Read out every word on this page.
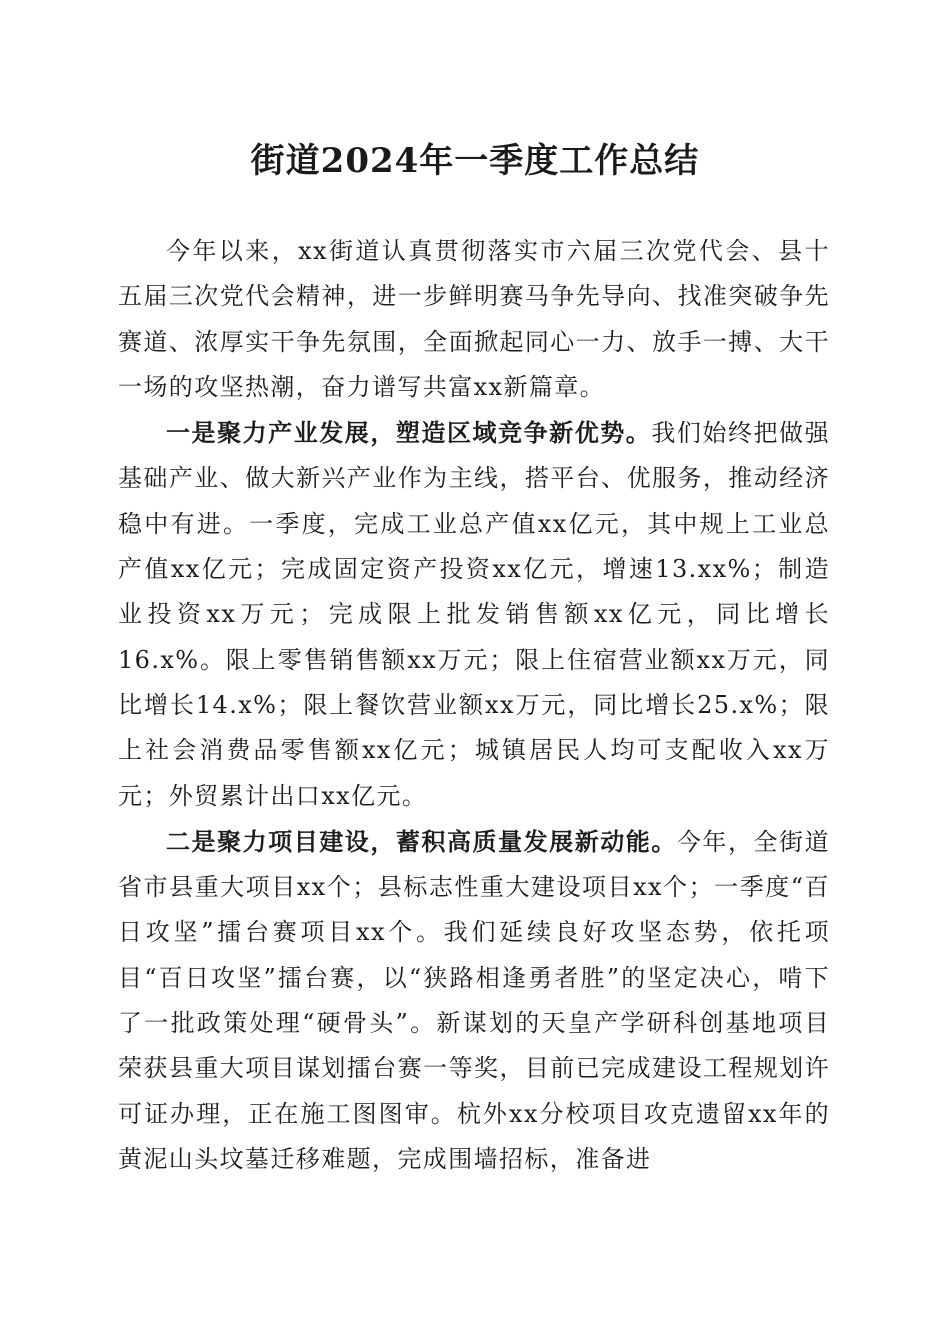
街道2024年一季度工作总结

今年以来，xx街道认真贯彻落实市六届三次党代会、县十五届三次党代会精神，进一步鲜明赛马争先导向、找准突破争先赛道、浓厚实干争先氛围，全面掀起同心一力、放手一搏、大干一场的攻坚热潮，奋力谱写共富xx新篇章。

一是聚力产业发展，塑造区域竞争新优势。我们始终把做强基础产业、做大新兴产业作为主线，搭平台、优服务，推动经济稳中有进。一季度，完成工业总产值xx亿元，其中规上工业总产值xx亿元；完成固定资产投资xx亿元，增速13.xx%；制造业投资xx万元；完成限上批发销售额xx亿元，同比增长16.x%。限上零售销售额xx万元；限上住宿营业额xx万元，同比增长14.x%；限上餐饮营业额xx万元，同比增长25.x%；限上社会消费品零售额xx亿元；城镇居民人均可支配收入xx万元；外贸累计出口xx亿元。

二是聚力项目建设，蓄积高质量发展新动能。今年，全街道省市县重大项目xx个；县标志性重大建设项目xx个；一季度“百日攻坚”擂台赛项目xx个。我们延续良好攻坚态势，依托项目“百日攻坚”擂台赛，以“狭路相逢勇者胜”的坚定决心，啃下了一批政策处理“硬骨头”。新谋划的天皇产学研科创基地项目荣获县重大项目谋划擂台赛一等奖，目前已完成建设工程规划许可证办理，正在施工图图审。杭外xx分校项目攻克遗留xx年的黄泥山头坟墓迁移难题，完成围墙招标，准备进
